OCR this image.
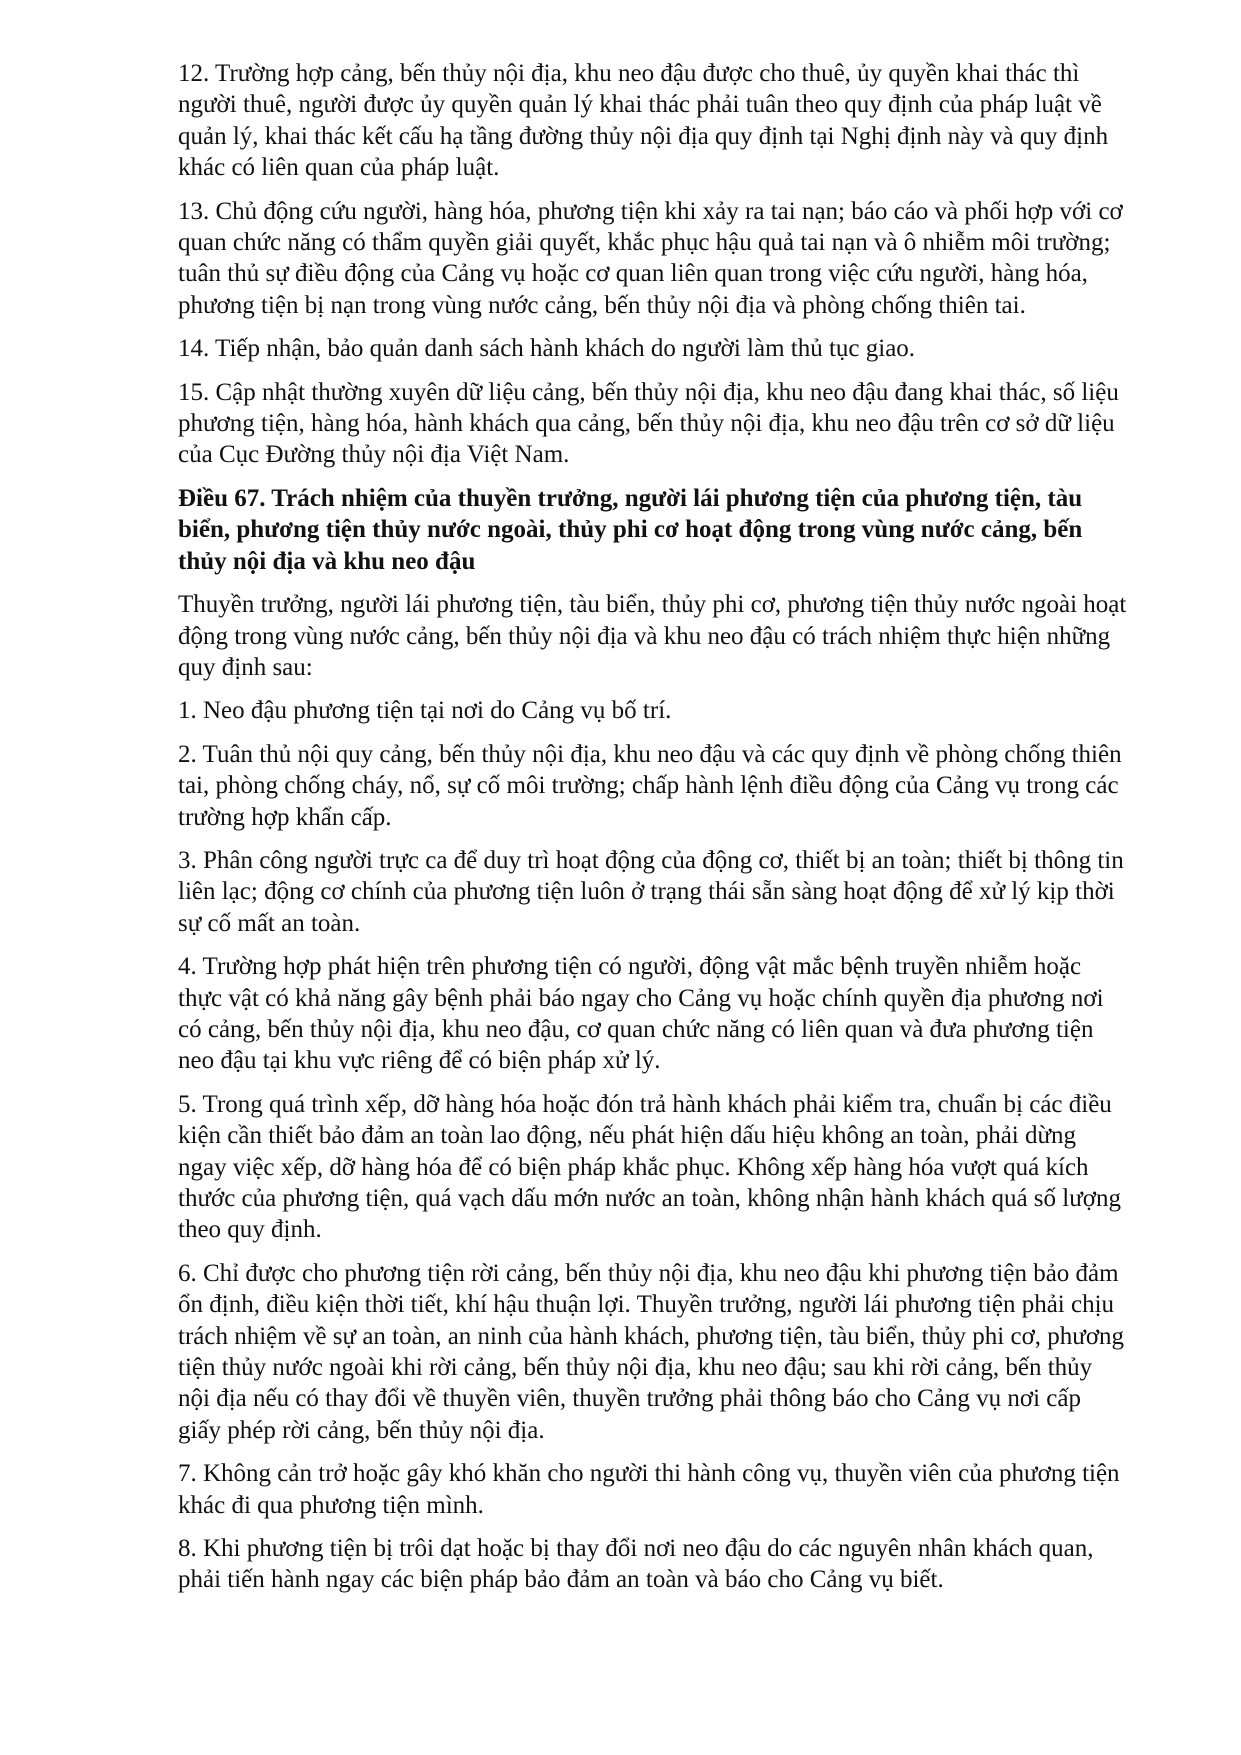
12. Trường hợp cảng, bến thủy nội địa, khu neo đậu được cho thuê, ủy quyền khai thác thì người thuê, người được ủy quyền quản lý khai thác phải tuân theo quy định của pháp luật về quản lý, khai thác kết cấu hạ tầng đường thủy nội địa quy định tại Nghị định này và quy định khác có liên quan của pháp luật.

13. Chủ động cứu người, hàng hóa, phương tiện khi xảy ra tai nạn; báo cáo và phối hợp với cơ quan chức năng có thẩm quyền giải quyết, khắc phục hậu quả tai nạn và ô nhiễm môi trường; tuân thủ sự điều động của Cảng vụ hoặc cơ quan liên quan trong việc cứu người, hàng hóa, phương tiện bị nạn trong vùng nước cảng, bến thủy nội địa và phòng chống thiên tai.

14. Tiếp nhận, bảo quản danh sách hành khách do người làm thủ tục giao.

15. Cập nhật thường xuyên dữ liệu cảng, bến thủy nội địa, khu neo đậu đang khai thác, số liệu phương tiện, hàng hóa, hành khách qua cảng, bến thủy nội địa, khu neo đậu trên cơ sở dữ liệu của Cục Đường thủy nội địa Việt Nam.

Điều 67. Trách nhiệm của thuyền trưởng, người lái phương tiện của phương tiện, tàu biển, phương tiện thủy nước ngoài, thủy phi cơ hoạt động trong vùng nước cảng, bến thủy nội địa và khu neo đậu

Thuyền trưởng, người lái phương tiện, tàu biển, thủy phi cơ, phương tiện thủy nước ngoài hoạt động trong vùng nước cảng, bến thủy nội địa và khu neo đậu có trách nhiệm thực hiện những quy định sau:

1. Neo đậu phương tiện tại nơi do Cảng vụ bố trí.

2. Tuân thủ nội quy cảng, bến thủy nội địa, khu neo đậu và các quy định về phòng chống thiên tai, phòng chống cháy, nổ, sự cố môi trường; chấp hành lệnh điều động của Cảng vụ trong các trường hợp khẩn cấp.

3. Phân công người trực ca để duy trì hoạt động của động cơ, thiết bị an toàn; thiết bị thông tin liên lạc; động cơ chính của phương tiện luôn ở trạng thái sẵn sàng hoạt động để xử lý kịp thời sự cố mất an toàn.

4. Trường hợp phát hiện trên phương tiện có người, động vật mắc bệnh truyền nhiễm hoặc thực vật có khả năng gây bệnh phải báo ngay cho Cảng vụ hoặc chính quyền địa phương nơi có cảng, bến thủy nội địa, khu neo đậu, cơ quan chức năng có liên quan và đưa phương tiện neo đậu tại khu vực riêng để có biện pháp xử lý.

5. Trong quá trình xếp, dỡ hàng hóa hoặc đón trả hành khách phải kiểm tra, chuẩn bị các điều kiện cần thiết bảo đảm an toàn lao động, nếu phát hiện dấu hiệu không an toàn, phải dừng ngay việc xếp, dỡ hàng hóa để có biện pháp khắc phục. Không xếp hàng hóa vượt quá kích thước của phương tiện, quá vạch dấu mớn nước an toàn, không nhận hành khách quá số lượng theo quy định.

6. Chỉ được cho phương tiện rời cảng, bến thủy nội địa, khu neo đậu khi phương tiện bảo đảm ổn định, điều kiện thời tiết, khí hậu thuận lợi. Thuyền trưởng, người lái phương tiện phải chịu trách nhiệm về sự an toàn, an ninh của hành khách, phương tiện, tàu biển, thủy phi cơ, phương tiện thủy nước ngoài khi rời cảng, bến thủy nội địa, khu neo đậu; sau khi rời cảng, bến thủy nội địa nếu có thay đổi về thuyền viên, thuyền trưởng phải thông báo cho Cảng vụ nơi cấp giấy phép rời cảng, bến thủy nội địa.

7. Không cản trở hoặc gây khó khăn cho người thi hành công vụ, thuyền viên của phương tiện khác đi qua phương tiện mình.

8. Khi phương tiện bị trôi dạt hoặc bị thay đổi nơi neo đậu do các nguyên nhân khách quan, phải tiến hành ngay các biện pháp bảo đảm an toàn và báo cho Cảng vụ biết.
